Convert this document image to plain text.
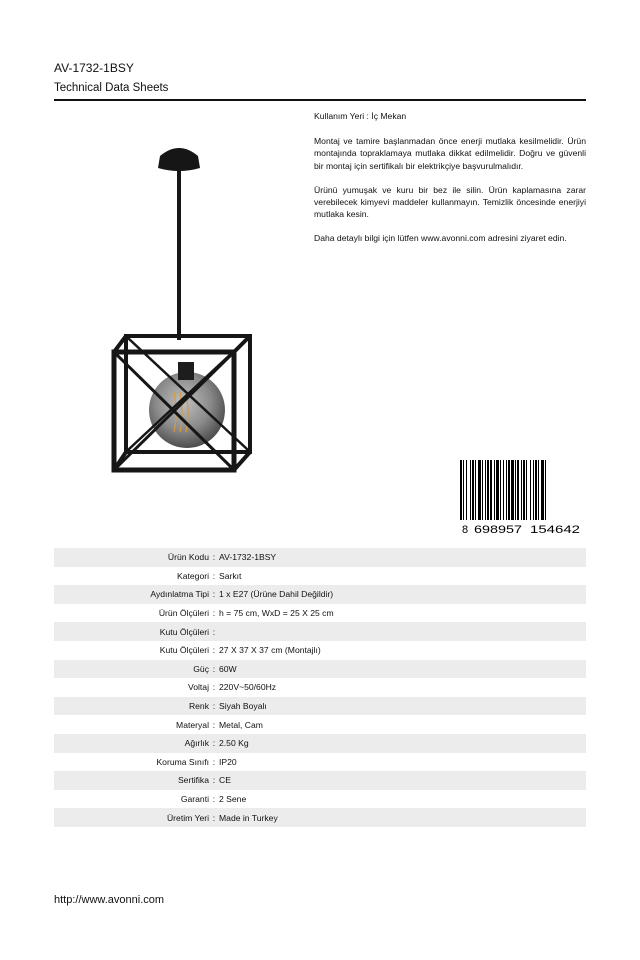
AV-1732-1BSY
Technical Data Sheets

Kullanım Yeri : İç Mekan

Montaj ve tamire başlanmadan önce enerji mutlaka kesilmelidir. Ürün montajında topraklamaya mutlaka dikkat edilmelidir. Doğru ve güvenli bir montaj için sertifikalı bir elektrikçiye başvurulmalıdır.

Ürünü yumuşak ve kuru bir bez ile silin. Ürün kaplamasına zarar verebilecek kimyevi maddeler kullanmayın. Temizlik öncesinde enerjiyi mutlaka kesin.

Daha detaylı bilgi için lütfen www.avonni.com adresini ziyaret edin.

8 698957 154642
Ürün Kodu : AV-1732-1BSY
Kategori : Sarkıt
Aydınlatma Tipi : 1 x E27 (Ürüne Dahil Değildir)
Ürün Ölçüleri : h = 75 cm, WxD = 25 X 25 cm
Kutu Ölçüleri :
Kutu Ölçüleri : 27 X 37 X 37 cm (Montajlı)
Güç : 60W
Voltaj : 220V~50/60Hz
Renk : Siyah Boyalı
Materyal : Metal, Cam
Ağırlık : 2.50 Kg
Koruma Sınıfı : IP20
Sertifika : CE
Garanti : 2 Sene
Üretim Yeri : Made in Turkey
http://www.avonni.com
